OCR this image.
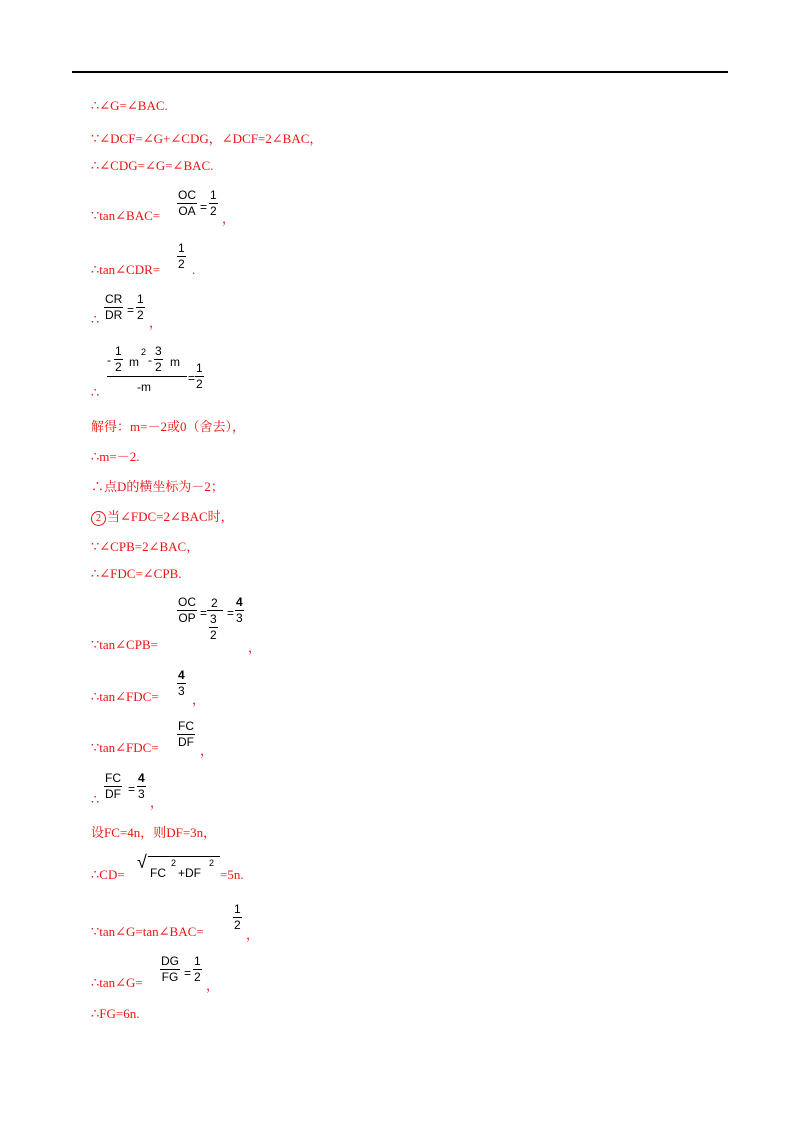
∴∠G=∠BAC.
∵∠DCF=∠G+∠CDG，∠DCF=2∠BAC，
∴∠CDG=∠G=∠BAC.
∵tan∠BAC= $\frac{OC}{OA} = \frac{1}{2}$
，
∴tan∠CDR= $\frac{1}{2}$ .
∴ $\frac{CR}{DR} = \frac{1}{2}$
，
∴
- $\frac{1}{2}$ m
2
- $\frac{3}{2}$ m
-m
= $\frac{1}{2}$
解得：m=－2或0（舍去），
∴m=－2.
∴点D的横坐标为－2；
2 当∠FDC=2∠BAC时，
∵∠CPB=2∠BAC，
∴∠FDC=∠CPB.
∵tan∠CPB=
$\frac{OC}{OP}$ =
2
$\frac{3}{2} = \frac{4}{3}$
，
∴tan∠FDC= $\frac{4}{3}$
，
∵tan∠FDC= $\frac{FC}{DF}$
，
∴ $\frac{FC}{DF} = \frac{4}{3}$
，
设FC=4n，则DF=3n，
∴CD=
√
FC
2
+DF
2
=5n.
∵tan∠G=tan∠BAC= $\frac{1}{2}$
，
∴tan∠G= $\frac{DG}{FG} = \frac{1}{2}$
，
∴FG=6n.
